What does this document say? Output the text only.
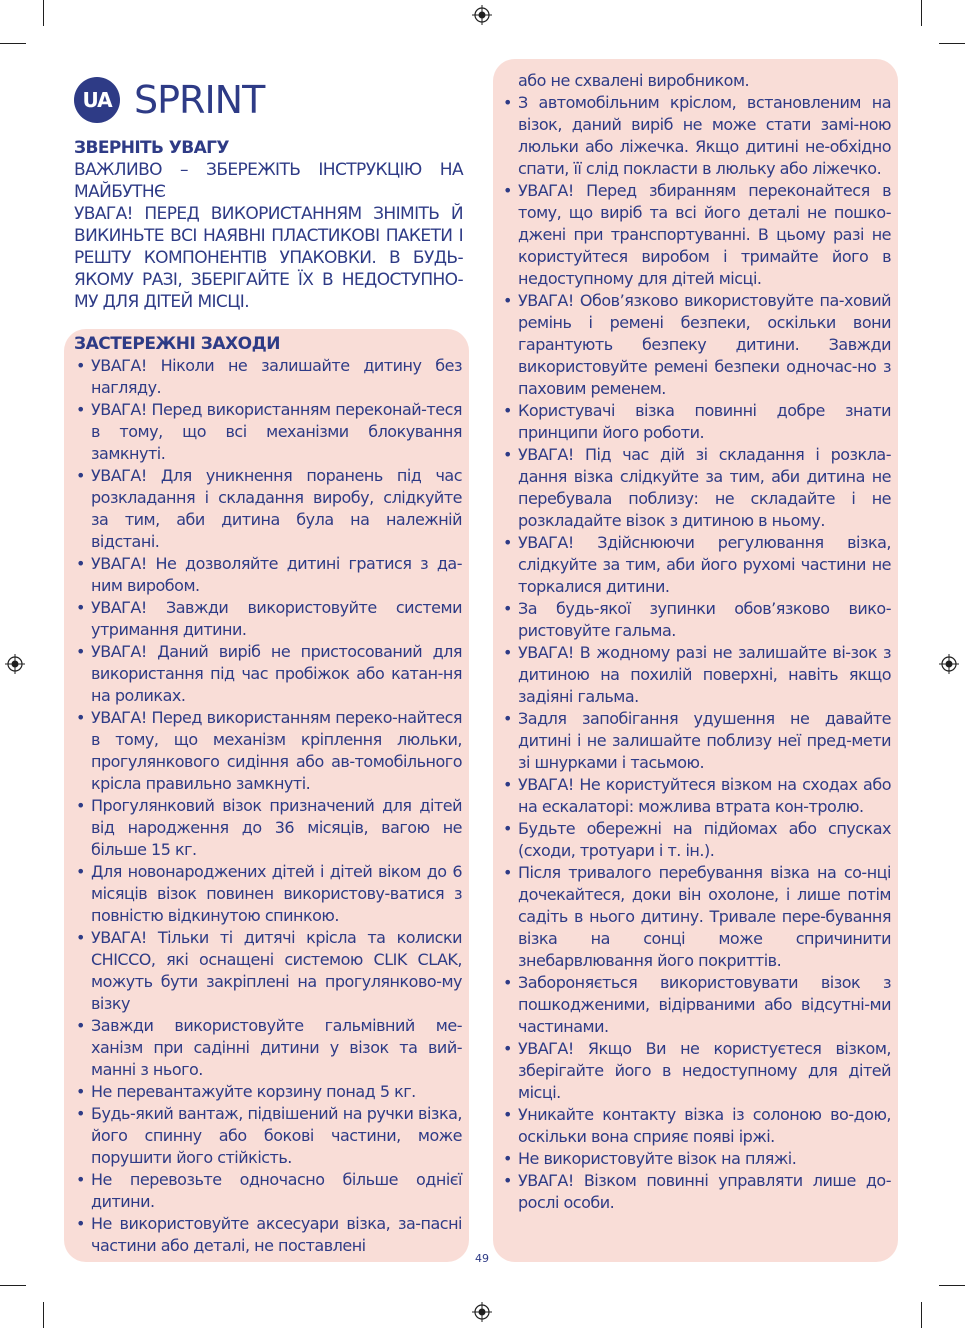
UA SPRINT
ЗВЕРНІТЬ УВАГУ
ВАЖЛИВО – ЗБЕРЕЖІТЬ ІНСТРУКЦІЮ НА
МАЙБУТНЄ
УВАГА! ПЕРЕД ВИКОРИСТАННЯМ ЗНІМІТЬ Й ВИКИНЬТЕ ВСІ НАЯВНІ ПЛАСТИКОВІ ПАКЕТИ І РЕШТУ КОМПОНЕНТІВ УПАКОВКИ. В БУДЬ-ЯКОМУ РАЗІ, ЗБЕРІГАЙТЕ ЇХ В НЕДОСТУПНО-МУ ДЛЯ ДІТЕЙ МІСЦІ.
ЗАСТЕРЕЖНІ ЗАХОДИ
• УВАГА! Ніколи не залишайте дитину без нагляду.
• УВАГА! Перед використанням переконай-теся в тому, що всі механізми блокування замкнуті.
• УВАГА! Для уникнення поранень під час розкладання і складання виробу, слідкуйте за тим, аби дитина була на належній відстані.
• УВАГА! Не дозволяйте дитині гратися з да-ним виробом.
• УВАГА! Завжди використовуйте системи утримання дитини.
• УВАГА! Даний виріб не пристосований для використання під час пробіжок або катан-ня на роликах.
• УВАГА! Перед використанням переко-найтеся в тому, що механізм кріплення люльки, прогулянкового сидіння або ав-томобільного крісла правильно замкнуті.
• Прогулянковий візок призначений для дітей від народження до 36 місяців, вагою не більше 15 кг.
• Для новонароджених дітей і дітей віком до 6 місяців візок повинен використову-ватися з повністю відкинутою спинкою.
• УВАГА! Тільки ті дитячі крісла та колиски CHICCO, які оснащені системою CLIK CLAK, можуть бути закріплені на прогулянково-му візку
• Завжди використовуйте гальмівний ме-ханізм при садінні дитини у візок та вий-манні з нього.
• Не перевантажуйте корзину понад 5 кг.
• Будь-який вантаж, підвішений на ручки візка, його спинну або бокові частини, може порушити його стійкість.
• Не перевозьте одночасно більше однієї дитини.
• Не використовуйте аксесуари візка, за-пасні частини або деталі, не поставлені
або не схвалені виробником.
• З автомобільним кріслом, встановленим на візок, даний виріб не може стати замі-ною люльки або ліжечка. Якщо дитині не-обхідно спати, її слід покласти в люльку або ліжечко.
• УВАГА! Перед збиранням переконайтеся в тому, що виріб та всі його деталі не пошко-джені при транспортуванні. В цьому разі не користуйтеся виробом і тримайте його в недоступному для дітей місці.
• УВАГА! Обов’язково використовуйте па-ховий ремінь і ремені безпеки, оскільки вони гарантують безпеку дитини. Завжди використовуйте ремені безпеки одночас-но з паховим ременем.
• Користувачі візка повинні добре знати принципи його роботи.
• УВАГА! Під час дій зі складання і розкла-дання візка слідкуйте за тим, аби дитина не перебувала поблизу: не складайте і не розкладайте візок з дитиною в ньому.
• УВАГА! Здійснюючи регулювання візка, слідкуйте за тим, аби його рухомі частини не торкалися дитини.
• За будь-якої зупинки обов’язково вико-ристовуйте гальма.
• УВАГА! В жодному разі не залишайте ві-зок з дитиною на похилій поверхні, навіть якщо задіяні гальма.
• Задля запобігання удушення не давайте дитині і не залишайте поблизу неї пред-мети зі шнурками і тасьмою.
• УВАГА! Не користуйтеся візком на сходах або на ескалаторі: можлива втрата кон-тролю.
• Будьте обережні на підйомах або спусках (сходи, тротуари і т. ін.).
• Після тривалого перебування візка на со-нці дочекайтеся, доки він охолоне, і лише потім садіть в нього дитину. Тривале пере-бування візка на сонці може спричинити знебарвлювання його покриттів.
• Забороняється використовувати візок з пошкодженими, відірваними або відсутні-ми частинами.
• УВАГА! Якщо Ви не користуєтеся візком, зберігайте його в недоступному для дітей місці.
• Уникайте контакту візка із солоною во-дою, оскільки вона сприяє появі іржі.
• Не використовуйте візок на пляжі.
• УВАГА! Візком повинні управляти лише до-рослі особи.
49
